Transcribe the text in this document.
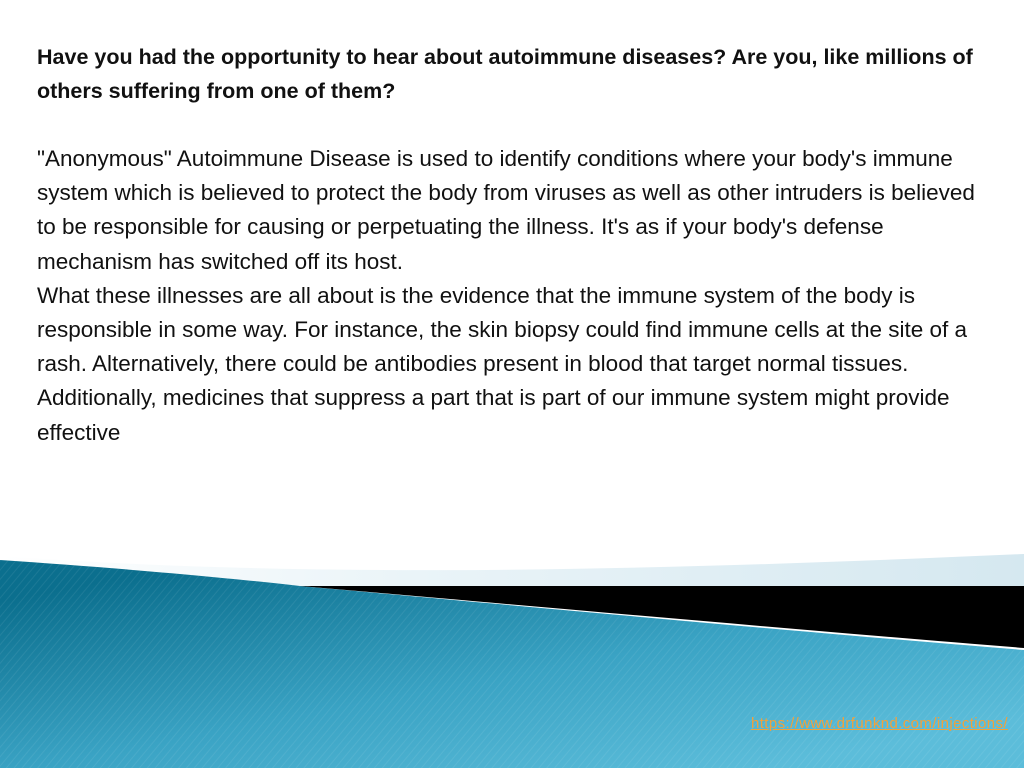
Have you had the opportunity to hear about autoimmune diseases? Are you, like millions of others suffering from one of them?

"Anonymous" Autoimmune Disease is used to identify conditions where your body's immune system which is believed to protect the body from viruses as well as other intruders is believed to be responsible for causing or perpetuating the illness. It's as if your body's defense mechanism has switched off its host.

What these illnesses are all about is the evidence that the immune system of the body is responsible in some way. For instance, the skin biopsy could find immune cells at the site of a rash. Alternatively, there could be antibodies present in blood that target normal tissues. Additionally, medicines that suppress a part that is part of our immune system might provide effective

https://www.drfunknd.com/injections/
